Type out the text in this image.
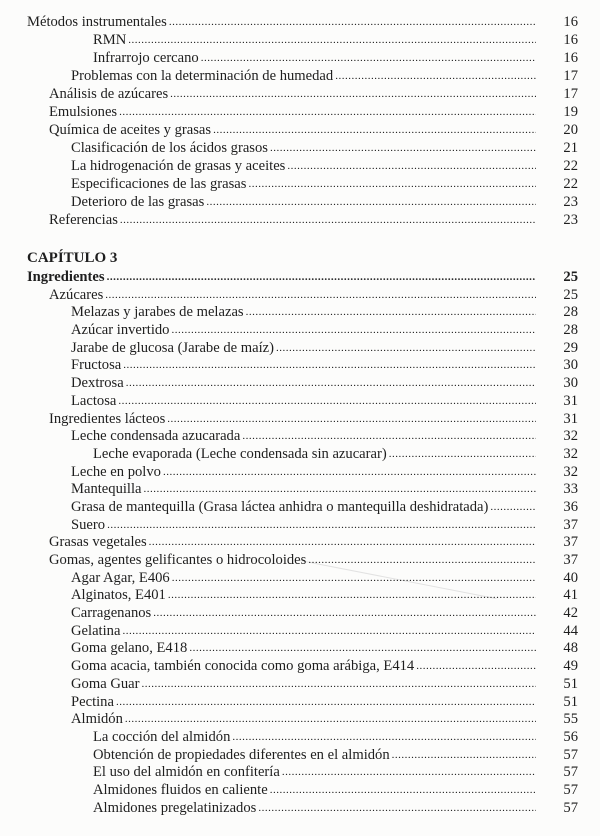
Métodos instrumentales .....	16
RMN .....	16
Infrarrojo cercano .....	16
Problemas con la determinación de humedad .....	17
Análisis de azúcares .....	17
Emulsiones .....	19
Química de aceites y grasas .....	20
Clasificación de los ácidos grasos .....	21
La hidrogenación de grasas y aceites .....	22
Especificaciones de las grasas .....	22
Deterioro de las grasas .....	23
Referencias .....	23
CAPÍTULO 3
Ingredientes .....	25
Azúcares .....	25
Melazas y jarabes de melazas .....	28
Azúcar invertido .....	28
Jarabe de glucosa (Jarabe de maíz) .....	29
Fructosa .....	30
Dextrosa .....	30
Lactosa .....	31
Ingredientes lácteos .....	31
Leche condensada azucarada .....	32
Leche evaporada (Leche condensada sin azucarar) .....	32
Leche en polvo .....	32
Mantequilla .....	33
Grasa de mantequilla (Grasa láctea anhidra o mantequilla deshidratada) .....	36
Suero .....	37
Grasas vegetales .....	37
Gomas, agentes gelificantes o hidrocoloides .....	37
Agar Agar, E406 .....	40
Alginatos, E401 .....	41
Carragenanos .....	42
Gelatina .....	44
Goma gelano, E418 .....	48
Goma acacia, también conocida como goma arábiga, E414 .....	49
Goma Guar .....	51
Pectina .....	51
Almidón .....	55
La cocción del almidón .....	56
Obtención de propiedades diferentes en el almidón .....	57
El uso del almidón en confitería .....	57
Almidones fluidos en caliente .....	57
Almidones pregelatinizados .....	57
